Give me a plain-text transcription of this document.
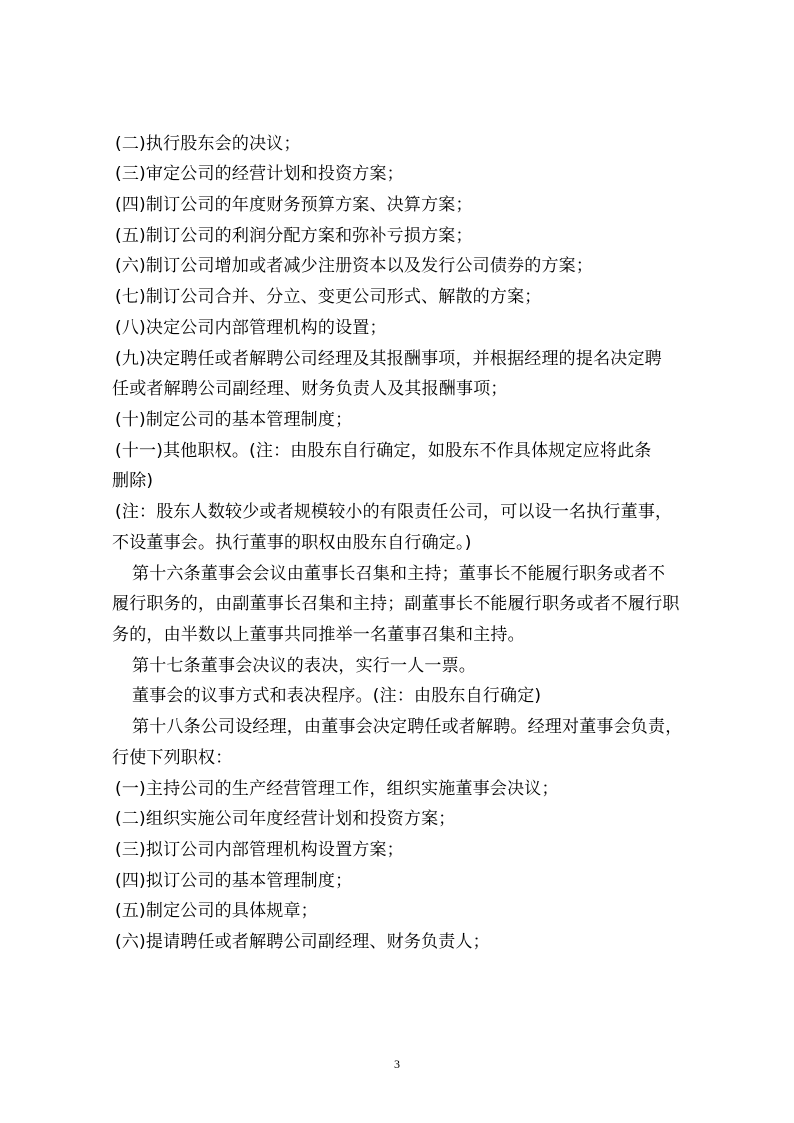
(二)执行股东会的决议；
(三)审定公司的经营计划和投资方案；
(四)制订公司的年度财务预算方案、决算方案；
(五)制订公司的利润分配方案和弥补亏损方案；
(六)制订公司增加或者减少注册资本以及发行公司债券的方案；
(七)制订公司合并、分立、变更公司形式、解散的方案；
(八)决定公司内部管理机构的设置；
(九)决定聘任或者解聘公司经理及其报酬事项，并根据经理的提名决定聘
任或者解聘公司副经理、财务负责人及其报酬事项；
(十)制定公司的基本管理制度；
(十一)其他职权。(注：由股东自行确定，如股东不作具体规定应将此条
删除)
(注：股东人数较少或者规模较小的有限责任公司，可以设一名执行董事，
不设董事会。执行董事的职权由股东自行确定。)
第十六条董事会会议由董事长召集和主持；董事长不能履行职务或者不
履行职务的，由副董事长召集和主持；副董事长不能履行职务或者不履行职
务的，由半数以上董事共同推举一名董事召集和主持。
第十七条董事会决议的表决，实行一人一票。
董事会的议事方式和表决程序。(注：由股东自行确定)
第十八条公司设经理，由董事会决定聘任或者解聘。经理对董事会负责，
行使下列职权：
(一)主持公司的生产经营管理工作，组织实施董事会决议；
(二)组织实施公司年度经营计划和投资方案；
(三)拟订公司内部管理机构设置方案；
(四)拟订公司的基本管理制度；
(五)制定公司的具体规章；
(六)提请聘任或者解聘公司副经理、财务负责人；
3
